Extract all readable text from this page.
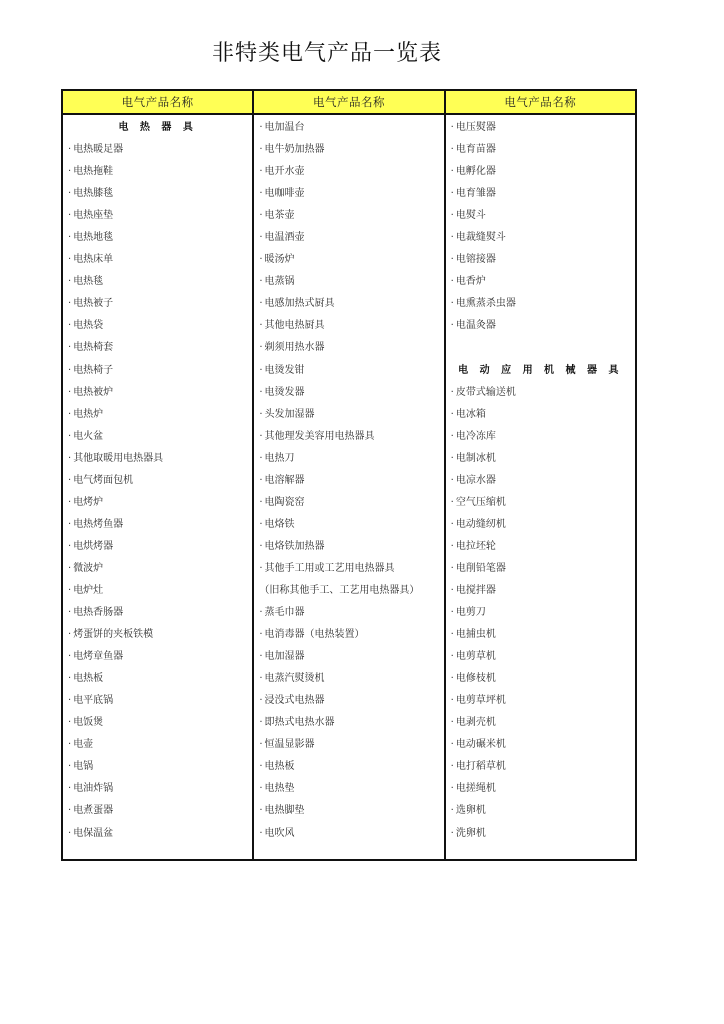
非特类电气产品一览表
电气产品名称
电 热 器 具
· 电热暖足器
· 电热拖鞋
· 电热膝毯
· 电热座垫
· 电热地毯
· 电热床单
· 电热毯
· 电热被子
· 电热袋
· 电热椅套
· 电热椅子
· 电热被炉
· 电热炉
· 电火盆
· 其他取暖用电热器具
· 电气烤面包机
· 电烤炉
· 电热烤鱼器
· 电烘烤器
· 微波炉
· 电炉灶
· 电热香肠器
· 烤蛋饼的夹板铁模
· 电烤章鱼器
· 电热板
· 电平底锅
· 电饭煲
· 电壶
· 电锅
· 电油炸锅
· 电煮蛋器
· 电保温盆
电气产品名称
· 电加温台
· 电牛奶加热器
· 电开水壶
· 电咖啡壶
· 电茶壶
· 电温酒壶
· 暖汤炉
· 电蒸锅
· 电感加热式厨具
· 其他电热厨具
· 剃须用热水器
· 电烫发钳
· 电烫发器
· 头发加湿器
· 其他理发美容用电热器具
· 电热刀
· 电溶解器
· 电陶瓷窑
· 电烙铁
· 电烙铁加热器
· 其他手工用或工艺用电热器具
（旧称其他手工、工艺用电热器具）
· 蒸毛巾器
· 电消毒器（电热装置）
· 电加湿器
· 电蒸汽熨烫机
· 浸没式电热器
· 即热式电热水器
· 恒温显影器
· 电热板
· 电热垫
· 电热脚垫
· 电吹风
电气产品名称
· 电压熨器
· 电育苗器
· 电孵化器
· 电育雏器
· 电熨斗
· 电裁缝熨斗
· 电镕接器
· 电香炉
· 电熏蒸杀虫器
· 电温灸器
电 动 应 用 机 械 器 具
· 皮带式输送机
· 电冰箱
· 电冷冻库
· 电制冰机
· 电凉水器
· 空气压缩机
· 电动缝纫机
· 电拉坯轮
· 电削铅笔器
· 电搅拌器
· 电剪刀
· 电捕虫机
· 电剪草机
· 电修枝机
· 电剪草坪机
· 电剥壳机
· 电动碾米机
· 电打稻草机
· 电搓绳机
· 选卵机
· 洗卵机
